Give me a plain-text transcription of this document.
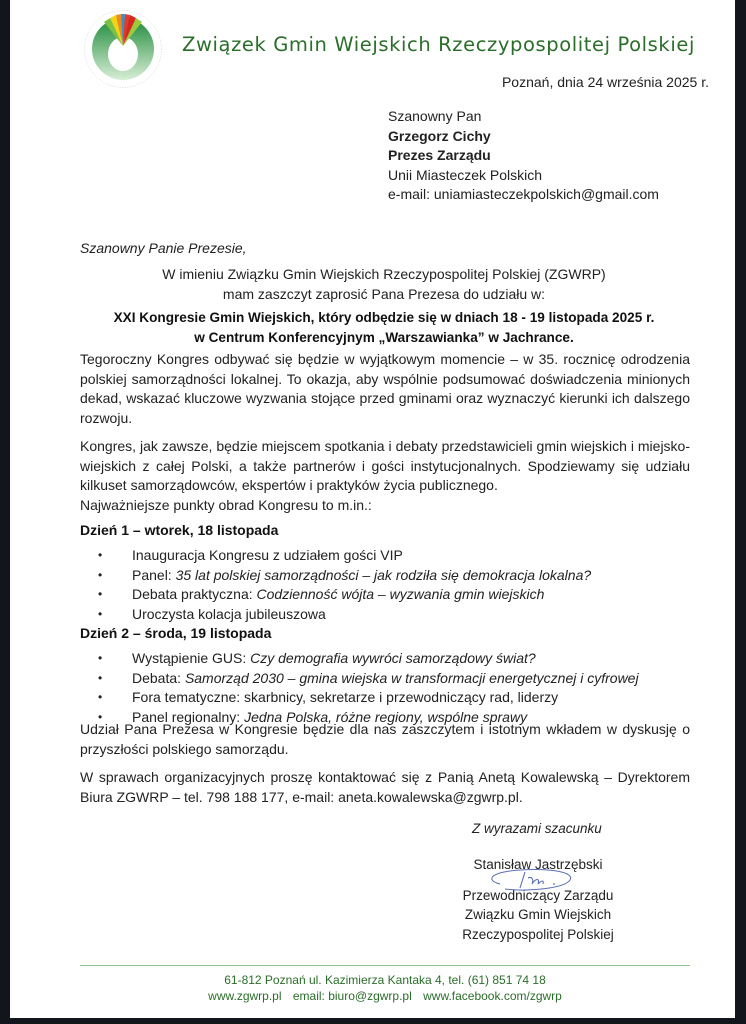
Związek Gmin Wiejskich Rzeczypospolitej Polskiej
Poznań, dnia 24 września 2025 r.
Szanowny Pan
Grzegorz Cichy
Prezes Zarządu
Unii Miasteczek Polskich
e-mail: uniamiasteczekpolskich@gmail.com
Szanowny Panie Prezesie,
W imieniu Związku Gmin Wiejskich Rzeczypospolitej Polskiej (ZGWRP)
mam zaszczyt zaprosić Pana Prezesa do udziału w:
XXI Kongresie Gmin Wiejskich, który odbędzie się w dniach 18 - 19 listopada 2025 r.
w Centrum Konferencyjnym „Warszawianka” w Jachrance.

Tegoroczny Kongres odbywać się będzie w wyjątkowym momencie – w 35. rocznicę odrodzenia polskiej samorządności lokalnej. To okazja, aby wspólnie podsumować doświadczenia minionych dekad, wskazać kluczowe wyzwania stojące przed gminami oraz wyznaczyć kierunki ich dalszego rozwoju.

Kongres, jak zawsze, będzie miejscem spotkania i debaty przedstawicieli gmin wiejskich i miejsko-wiejskich z całej Polski, a także partnerów i gości instytucjonalnych. Spodziewamy się udziału kilkuset samorządowców, ekspertów i praktyków życia publicznego.

Najważniejsze punkty obrad Kongresu to m.in.:

Dzień 1 – wtorek, 18 listopada
• Inauguracja Kongresu z udziałem gości VIP
• Panel: 35 lat polskiej samorządności – jak rodziła się demokracja lokalna?
• Debata praktyczna: Codzienność wójta – wyzwania gmin wiejskich
• Uroczysta kolacja jubileuszowa
Dzień 2 – środa, 19 listopada
• Wystąpienie GUS: Czy demografia wywróci samorządowy świat?
• Debata: Samorząd 2030 – gmina wiejska w transformacji energetycznej i cyfrowej
• Fora tematyczne: skarbnicy, sekretarze i przewodniczący rad, liderzy
• Panel regionalny: Jedna Polska, różne regiony, wspólne sprawy

Udział Pana Prezesa w Kongresie będzie dla nas zaszczytem i istotnym wkładem w dyskusję o przyszłości polskiego samorządu.

W sprawach organizacyjnych proszę kontaktować się z Panią Anetą Kowalewską – Dyrektorem Biura ZGWRP – tel. 798 188 177, e-mail: aneta.kowalewska@zgwrp.pl.

Z wyrazami szacunku
Stanisław Jastrzębski
Przewodniczący Zarządu
Związku Gmin Wiejskich
Rzeczypospolitej Polskiej
61-812 Poznań ul. Kazimierza Kantaka 4, tel. (61) 851 74 18
www.zgwrp.pl email: biuro@zgwrp.pl www.facebook.com/zgwrp
